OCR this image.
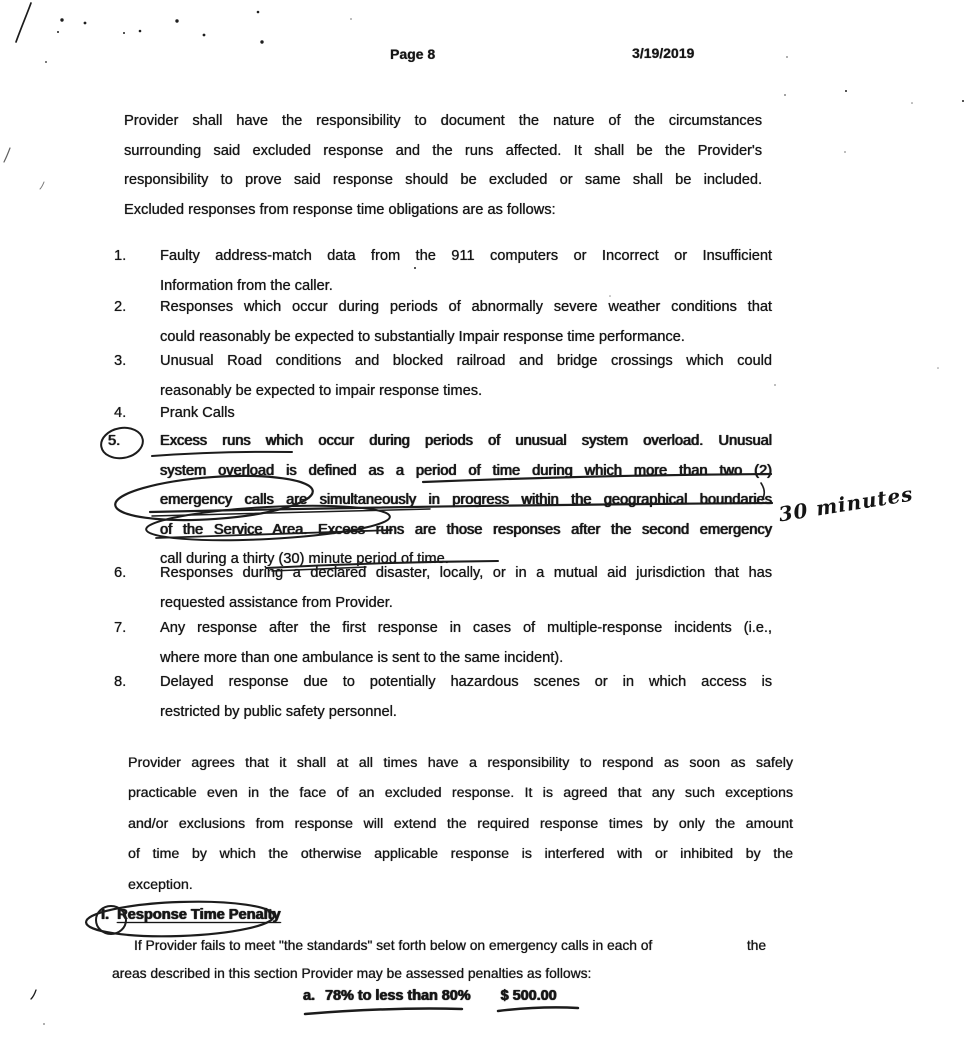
Page 8	3/19/2019
Provider shall have the responsibility to document the nature of the circumstances
surrounding said excluded response and the runs affected. It shall be the Provider's
responsibility to prove said response should be excluded or same shall be included.
Excluded responses from response time obligations are as follows:
1.	Faulty address-match data from the 911 computers or Incorrect or Insufficient
Information from the caller.
2.	Responses which occur during periods of abnormally severe weather conditions that
could reasonably be expected to substantially Impair response time performance.
3.	Unusual Road conditions and blocked railroad and bridge crossings which could
reasonably be expected to impair response times.
4.	Prank Calls
5.	Excess runs which occur during periods of unusual system overload. Unusual
system overload is defined as a period of time during which more than two (2)
emergency calls are simultaneously in progress within the geographical boundaries
of the Service Area. Excess runs are those responses after the second emergency
call during a thirty (30) minute period of time.
6.	Responses during a declared disaster, locally, or in a mutual aid jurisdiction that has
requested assistance from Provider.
7.	Any response after the first response in cases of multiple-response incidents (i.e.,
where more than one ambulance is sent to the same incident).
8.	Delayed response due to potentially hazardous scenes or in which access is
restricted by public safety personnel.
Provider agrees that it shall at all times have a responsibility to respond as soon as safely
practicable even in the face of an excluded response. It is agreed that any such exceptions
and/or exclusions from response will extend the required response times by only the amount
of time by which the otherwise applicable response is interfered with or inhibited by the
exception.
I. Response Time Penalty
If Provider fails to meet "the standards" set forth below on emergency calls in each of	the
areas described in this section Provider may be assessed penalties as follows:
a. 78% to less than 80% $ 500.00
30 minutes
